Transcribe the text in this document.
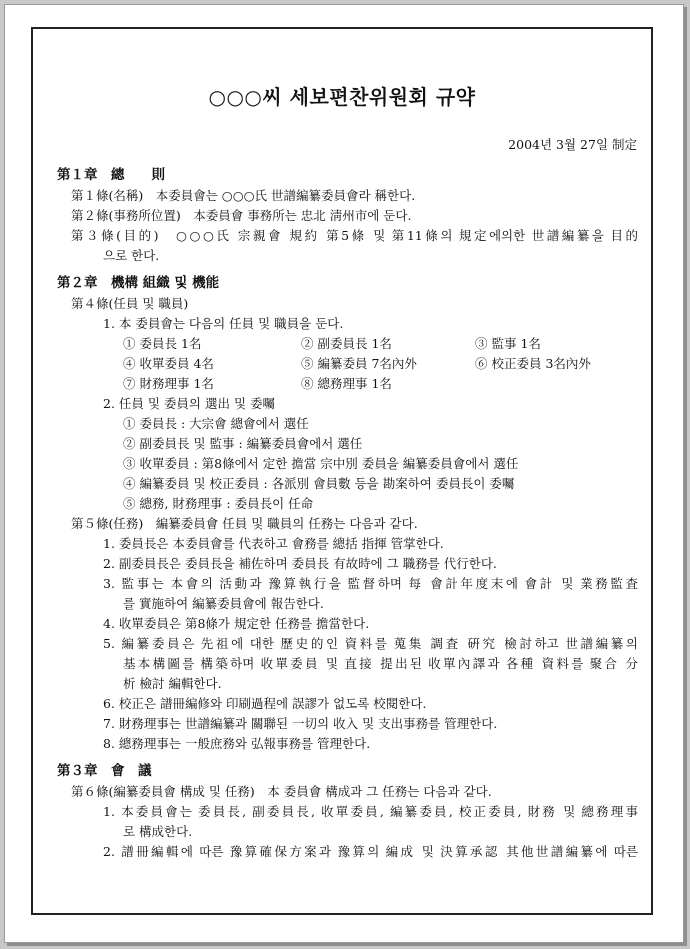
○○○씨 세보편찬위원회 규약
2004년 3월 27일 制定
第１章　總　　則
第１條(名稱)　本委員會는 ○○○氏 世譜編纂委員會라 稱한다.
第２條(事務所位置)　本委員會 事務所는 忠北 淸州市에 둔다.
第３條(目的)　○○○氏 宗親會 規約 第5條 및 第11條의 規定에의한 世譜編纂을 目的
으로 한다.
第２章　機構 組織 및 機能
第４條(任員 및 職員)
1. 本 委員會는 다음의 任員 및 職員을 둔다.
① 委員長 1名	② 副委員長 1名	③ 監事 1名
④ 收單委員 4名	⑤ 編纂委員 7名內外	⑥ 校正委員 3名內外
⑦ 財務理事 1名	⑧ 總務理事 1名
2. 任員 및 委員의 選出 및 委囑
① 委員長 : 大宗會 總會에서 選任
② 副委員長 및 監事 : 編纂委員會에서 選任
③ 收單委員 : 第8條에서 定한 擔當 宗中別 委員을 編纂委員會에서 選任
④ 編纂委員 및 校正委員 : 各派別 會員數 등을 勘案하여 委員長이 委囑
⑤ 總務, 財務理事 : 委員長이 任命
第５條(任務)　編纂委員會 任員 및 職員의 任務는 다음과 같다.
1. 委員長은 本委員會를 代表하고 會務를 總括 指揮 管掌한다.
2. 副委員長은 委員長을 補佐하며 委員長 有故時에 그 職務를 代行한다.
3. 監事는 本會의 活動과 豫算執行을 監督하며 每 會計年度末에 會計 및 業務監査
를 實施하여 編纂委員會에 報告한다.
4. 收單委員은 第8條가 規定한 任務를 擔當한다.
5. 編纂委員은 先祖에 대한 歷史的인 資料를 蒐集 調査 硏究 檢討하고 世譜編纂의
基本構圖를 構築하며 收單委員 및 直接 提出된 收單內譯과 各種 資料를 聚合 分
析 檢討 編輯한다.
6. 校正은 譜冊編修와 印刷過程에 誤謬가 없도록 校閱한다.
7. 財務理事는 世譜編纂과 關聯된 一切의 收入 및 支出事務를 管理한다.
8. 總務理事는 一般庶務와 弘報事務를 管理한다.
第３章　會　議
第６條(編纂委員會 構成 및 任務)　本 委員會 構成과 그 任務는 다음과 같다.
1. 本委員會는 委員長, 副委員長, 收單委員, 編纂委員, 校正委員, 財務 및 總務理事
로 構成한다.
2. 譜冊編輯에 따른 豫算確保方案과 豫算의 編成 및 決算承認 其他世譜編纂에 따른
